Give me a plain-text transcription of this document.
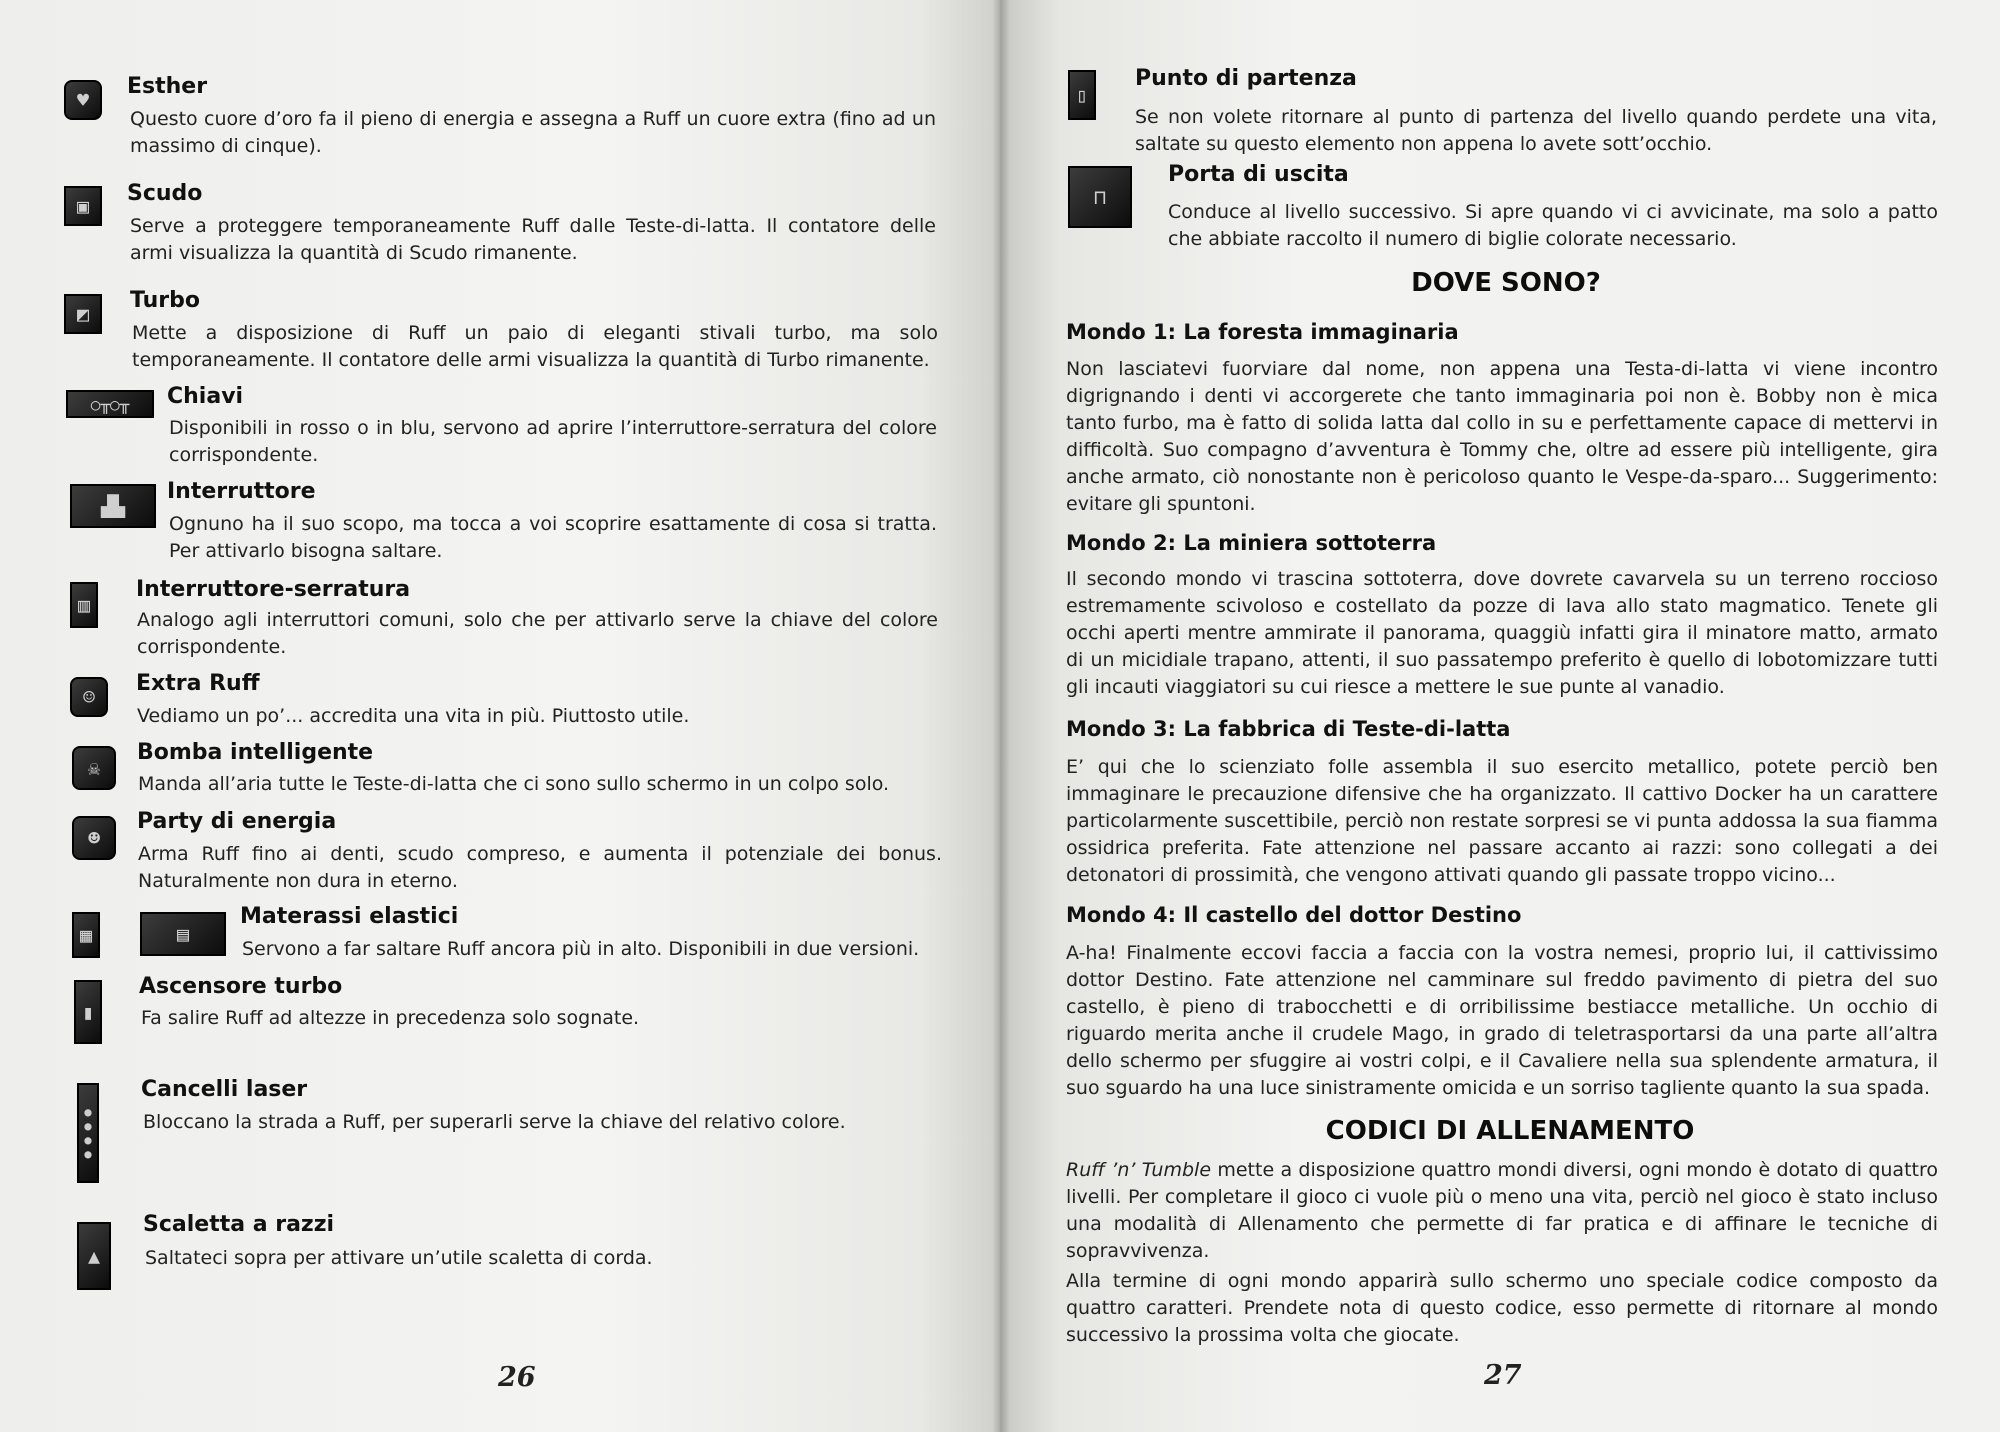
♥
Esther
Questo cuore d’oro fa il pieno di energia e assegna a Ruff un cuore extra (fino ad un massimo di cinque).
▣	Scudo
Serve a proteggere temporaneamente Ruff dalle Teste-di-latta. Il contatore delle armi visualizza la quantità di Scudo rimanente.
◩
Turbo
Mette a disposizione di Ruff un paio di eleganti stivali turbo, ma solo temporaneamente. Il contatore delle armi visualizza la quantità di Turbo rimanente.
○╥○╥	Chiavi
Disponibili in rosso o in blu, servono ad aprire l’interruttore-serratura del colore corrispondente.
▟▙
Interruttore
Ognuno ha il suo scopo, ma tocca a voi scoprire esattamente di cosa si tratta. Per attivarlo bisogna saltare.
▥
Interruttore-serratura
Analogo agli interruttori comuni, solo che per attivarlo serve la chiave del colore corrispondente.
☺
Extra Ruff
Vediamo un po’... accredita una vita in più. Piuttosto utile.
☠
Bomba intelligente
Manda all’aria tutte le Teste-di-latta che ci sono sullo schermo in un colpo solo.
☻
Party di energia
Arma Ruff fino ai denti, scudo compreso, e aumenta il potenziale dei bonus. Naturalmente non dura in eterno.
▦	▤
Materassi elastici
Servono a far saltare Ruff ancora più in alto. Disponibili in due versioni.
▮
Ascensore turbo
Fa salire Ruff ad altezze in precedenza solo sognate.
●
●
●
●
Cancelli laser
Bloccano la strada a Ruff, per superarli serve la chiave del relativo colore.
▲
Scaletta a razzi
Saltateci sopra per attivare un’utile scaletta di corda.
26
▯
Punto di partenza
Se non volete ritornare al punto di partenza del livello quando perdete una vita, saltate su questo elemento non appena lo avete sott’occhio.
⊓
Porta di uscita
Conduce al livello successivo. Si apre quando vi ci avvicinate, ma solo a patto che abbiate raccolto il numero di biglie colorate necessario.
DOVE SONO?
Mondo 1: La foresta immaginaria
Non lasciatevi fuorviare dal nome, non appena una Testa-di-latta vi viene incontro digrignando i denti vi accorgerete che tanto immaginaria poi non è. Bobby non è mica tanto furbo, ma è fatto di solida latta dal collo in su e perfettamente capace di mettervi in difficoltà. Suo compagno d’avventura è Tommy che, oltre ad essere più intelligente, gira anche armato, ciò nonostante non è pericoloso quanto le Vespe-da-sparo... Suggerimento: evitare gli spuntoni.
Mondo 2: La miniera sottoterra
Il secondo mondo vi trascina sottoterra, dove dovrete cavarvela su un terreno roccioso estremamente scivoloso e costellato da pozze di lava allo stato magmatico. Tenete gli occhi aperti mentre ammirate il panorama, quaggiù infatti gira il minatore matto, armato di un micidiale trapano, attenti, il suo passatempo preferito è quello di lobotomizzare tutti gli incauti viaggiatori su cui riesce a mettere le sue punte al vanadio.
Mondo 3: La fabbrica di Teste-di-latta
E’ qui che lo scienziato folle assembla il suo esercito metallico, potete perciò ben immaginare le precauzione difensive che ha organizzato. Il cattivo Docker ha un carattere particolarmente suscettibile, perciò non restate sorpresi se vi punta addossa la sua fiamma ossidrica preferita. Fate attenzione nel passare accanto ai razzi: sono collegati a dei detonatori di prossimità, che vengono attivati quando gli passate troppo vicino...
Mondo 4: Il castello del dottor Destino
A-ha! Finalmente eccovi faccia a faccia con la vostra nemesi, proprio lui, il cattivissimo dottor Destino. Fate attenzione nel camminare sul freddo pavimento di pietra del suo castello, è pieno di trabocchetti e di orribilissime bestiacce metalliche. Un occhio di riguardo merita anche il crudele Mago, in grado di teletrasportarsi da una parte all’altra dello schermo per sfuggire ai vostri colpi, e il Cavaliere nella sua splendente armatura, il suo sguardo ha una luce sinistramente omicida e un sorriso tagliente quanto la sua spada.
CODICI DI ALLENAMENTO
Ruff ’n’ Tumble mette a disposizione quattro mondi diversi, ogni mondo è dotato di quattro livelli. Per completare il gioco ci vuole più o meno una vita, perciò nel gioco è stato incluso una modalità di Allenamento che permette di far pratica e di affinare le tecniche di sopravvivenza.
Alla termine di ogni mondo apparirà sullo schermo uno speciale codice composto da quattro caratteri. Prendete nota di questo codice, esso permette di ritornare al mondo successivo la prossima volta che giocate.
27
